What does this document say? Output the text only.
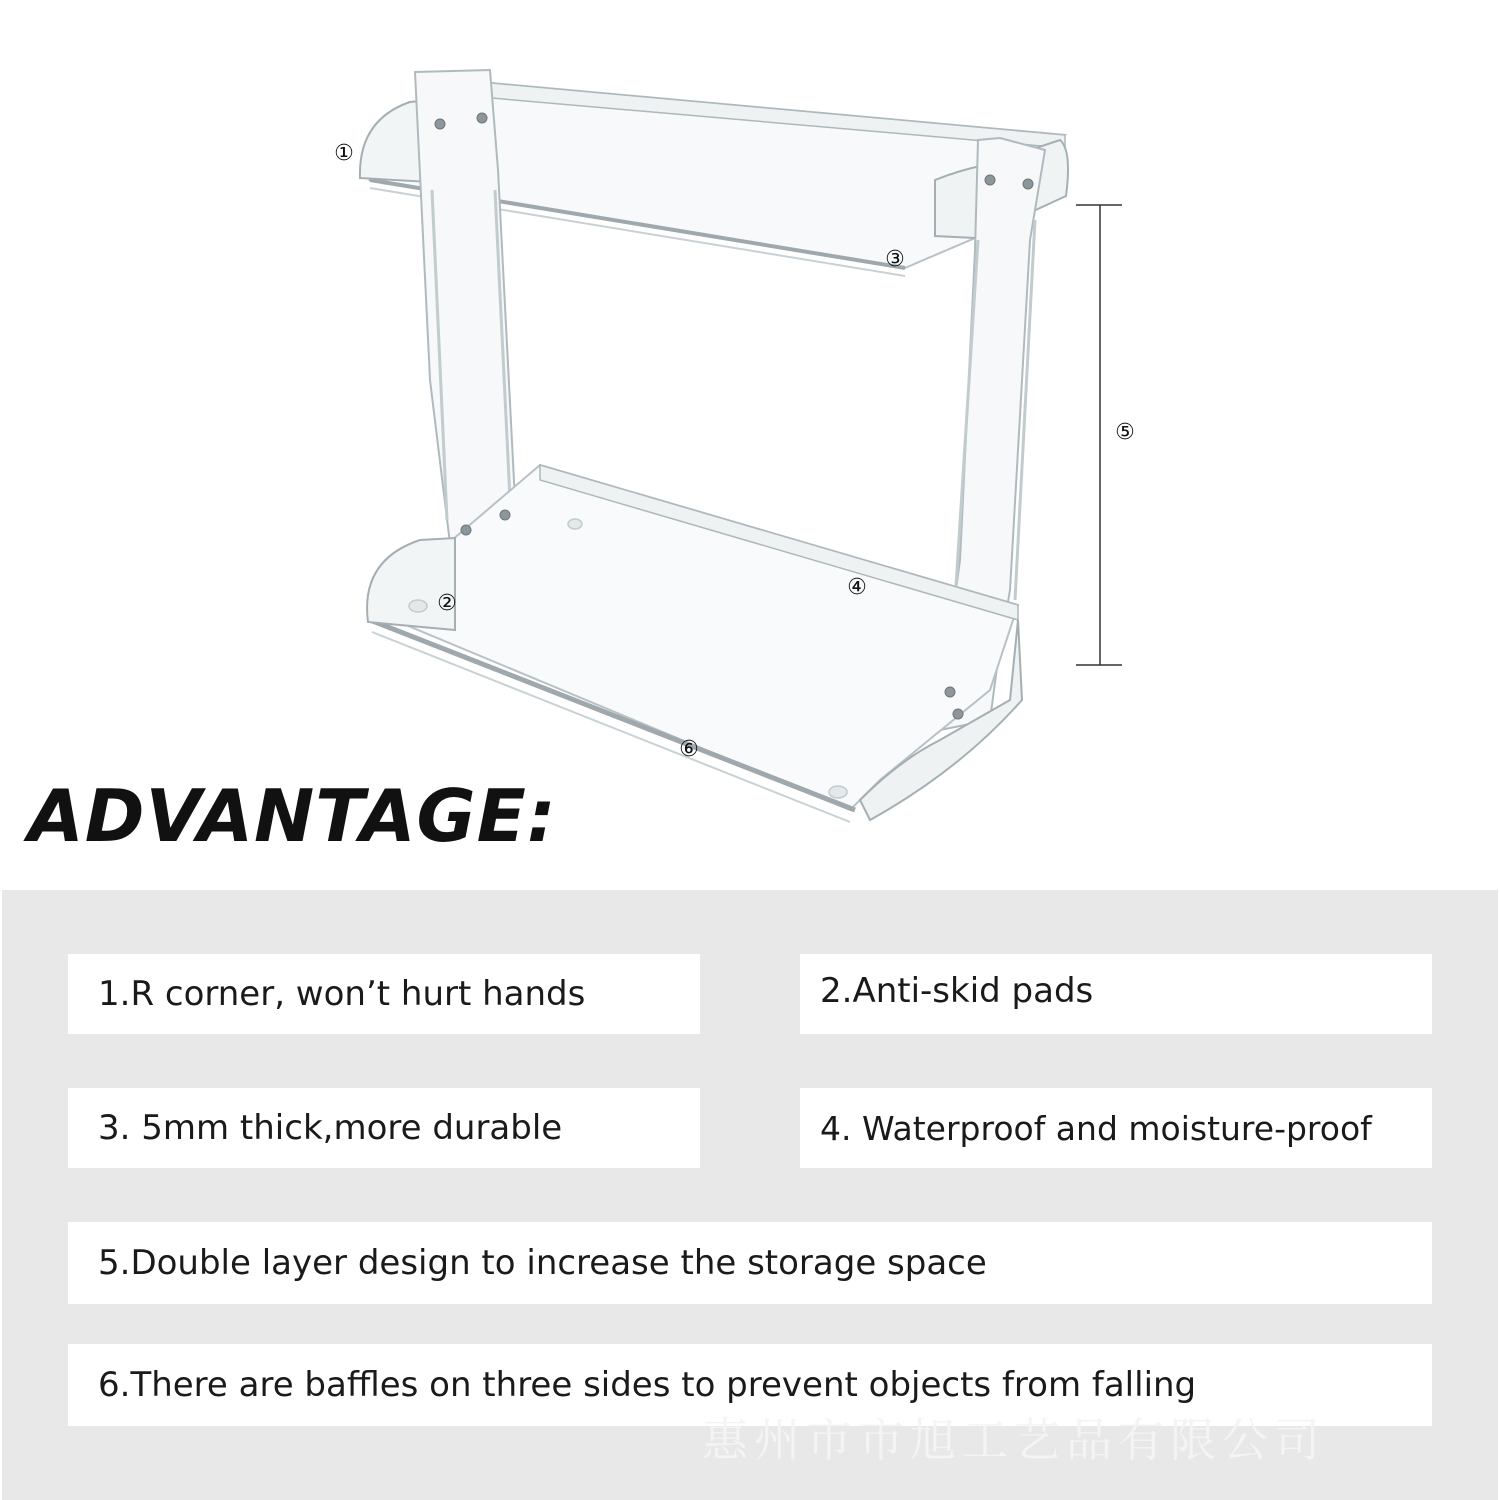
①
②
③
④
⑤
⑥
ADVANTAGE:
1.R corner, won’t hurt hands	2.Anti-skid pads
3. 5mm thick,more durable	4. Waterproof and moisture-proof
5.Double layer design to increase the storage space
6.There are baffles on three sides to prevent objects from falling
惠州市市旭工艺品有限公司
